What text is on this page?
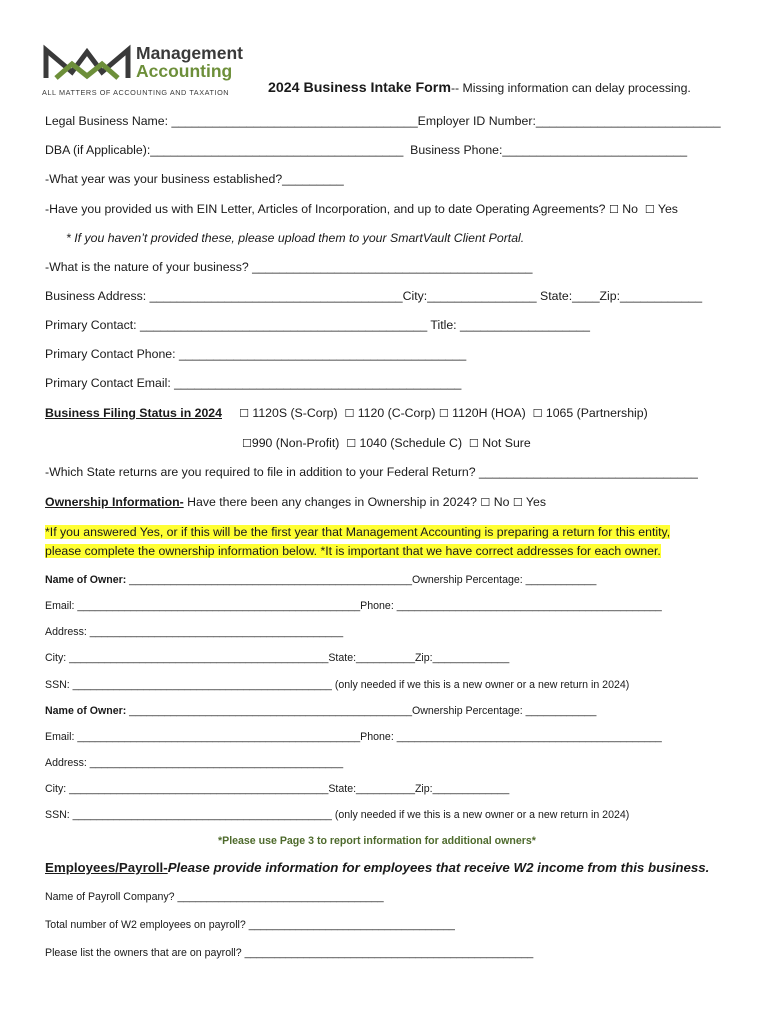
Management
Accounting
ALL MATTERS OF ACCOUNTING AND TAXATION	2024 Business Intake Form-- Missing information can delay processing.
Legal Business Name: ____________________________________Employer ID Number:___________________________
DBA (if Applicable):_____________________________________ Business Phone:___________________________
-What year was your business established?_________
-Have you provided us with EIN Letter, Articles of Incorporation, and up to date Operating Agreements? ☐ No ☐ Yes
* If you haven’t provided these, please upload them to your SmartVault Client Portal.
-What is the nature of your business? _________________________________________
Business Address: _____________________________________City:________________ State:____Zip:____________
Primary Contact: __________________________________________ Title: ___________________
Primary Contact Phone: __________________________________________
Primary Contact Email: __________________________________________
Business Filing Status in 2024 ☐ 1120S (S-Corp) ☐ 1120 (C-Corp) ☐ 1120H (HOA) ☐ 1065 (Partnership)
☐990 (Non-Profit) ☐ 1040 (Schedule C) ☐ Not Sure
-Which State returns are you required to file in addition to your Federal Return? ________________________________
Ownership Information- Have there been any changes in Ownership in 2024? ☐ No ☐ Yes
*If you answered Yes, or if this will be the first year that Management Accounting is preparing a return for this entity,
please complete the ownership information below. *It is important that we have correct addresses for each owner.
Name of Owner: ________________________________________________Ownership Percentage: ____________
Email: ________________________________________________Phone: _____________________________________________
Address: ___________________________________________
City: ____________________________________________State:__________Zip:_____________
SSN: ____________________________________________ (only needed if we this is a new owner or a new return in 2024)
Name of Owner: ________________________________________________Ownership Percentage: ____________
Email: ________________________________________________Phone: _____________________________________________
Address: ___________________________________________
City: ____________________________________________State:__________Zip:_____________
SSN: ____________________________________________ (only needed if we this is a new owner or a new return in 2024)
*Please use Page 3 to report information for additional owners*
Employees/Payroll-Please provide information for employees that receive W2 income from this business.
Name of Payroll Company? ___________________________________
Total number of W2 employees on payroll? ___________________________________
Please list the owners that are on payroll? _________________________________________________
